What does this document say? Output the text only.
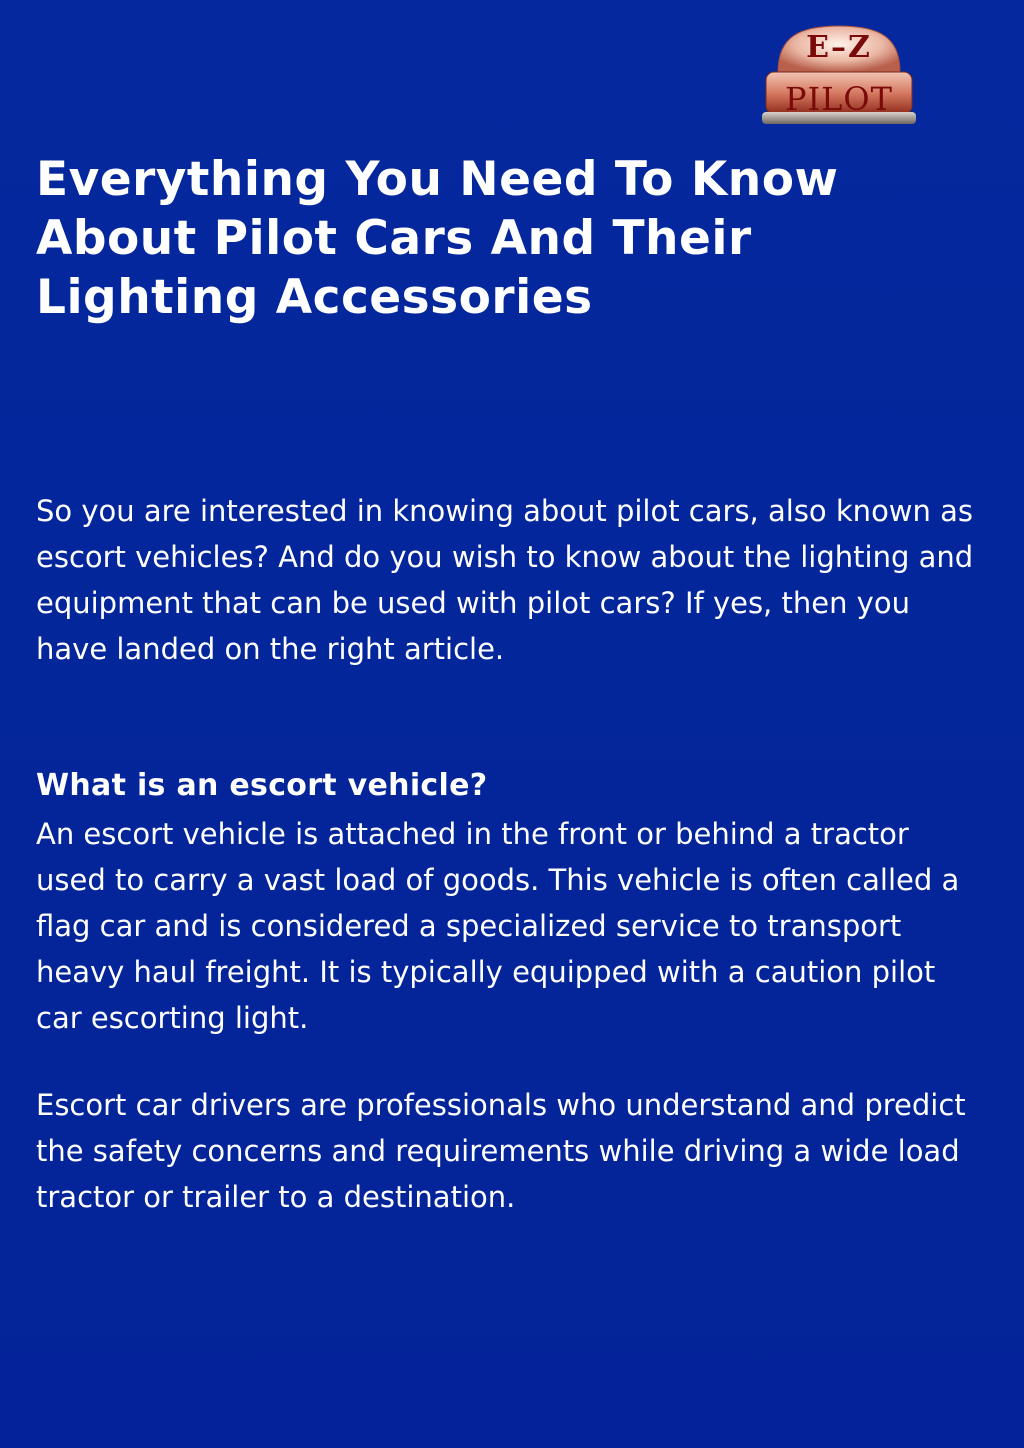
E–Z
PILOT
Everything You Need To Know About Pilot Cars And Their Lighting Accessories

So you are interested in knowing about pilot cars, also known as escort vehicles? And do you wish to know about the lighting and equipment that can be used with pilot cars? If yes, then you have landed on the right article.

What is an escort vehicle?

An escort vehicle is attached in the front or behind a tractor used to carry a vast load of goods. This vehicle is often called a flag car and is considered a specialized service to transport heavy haul freight. It is typically equipped with a caution pilot car escorting light.

Escort car drivers are professionals who understand and predict the safety concerns and requirements while driving a wide load tractor or trailer to a destination.
